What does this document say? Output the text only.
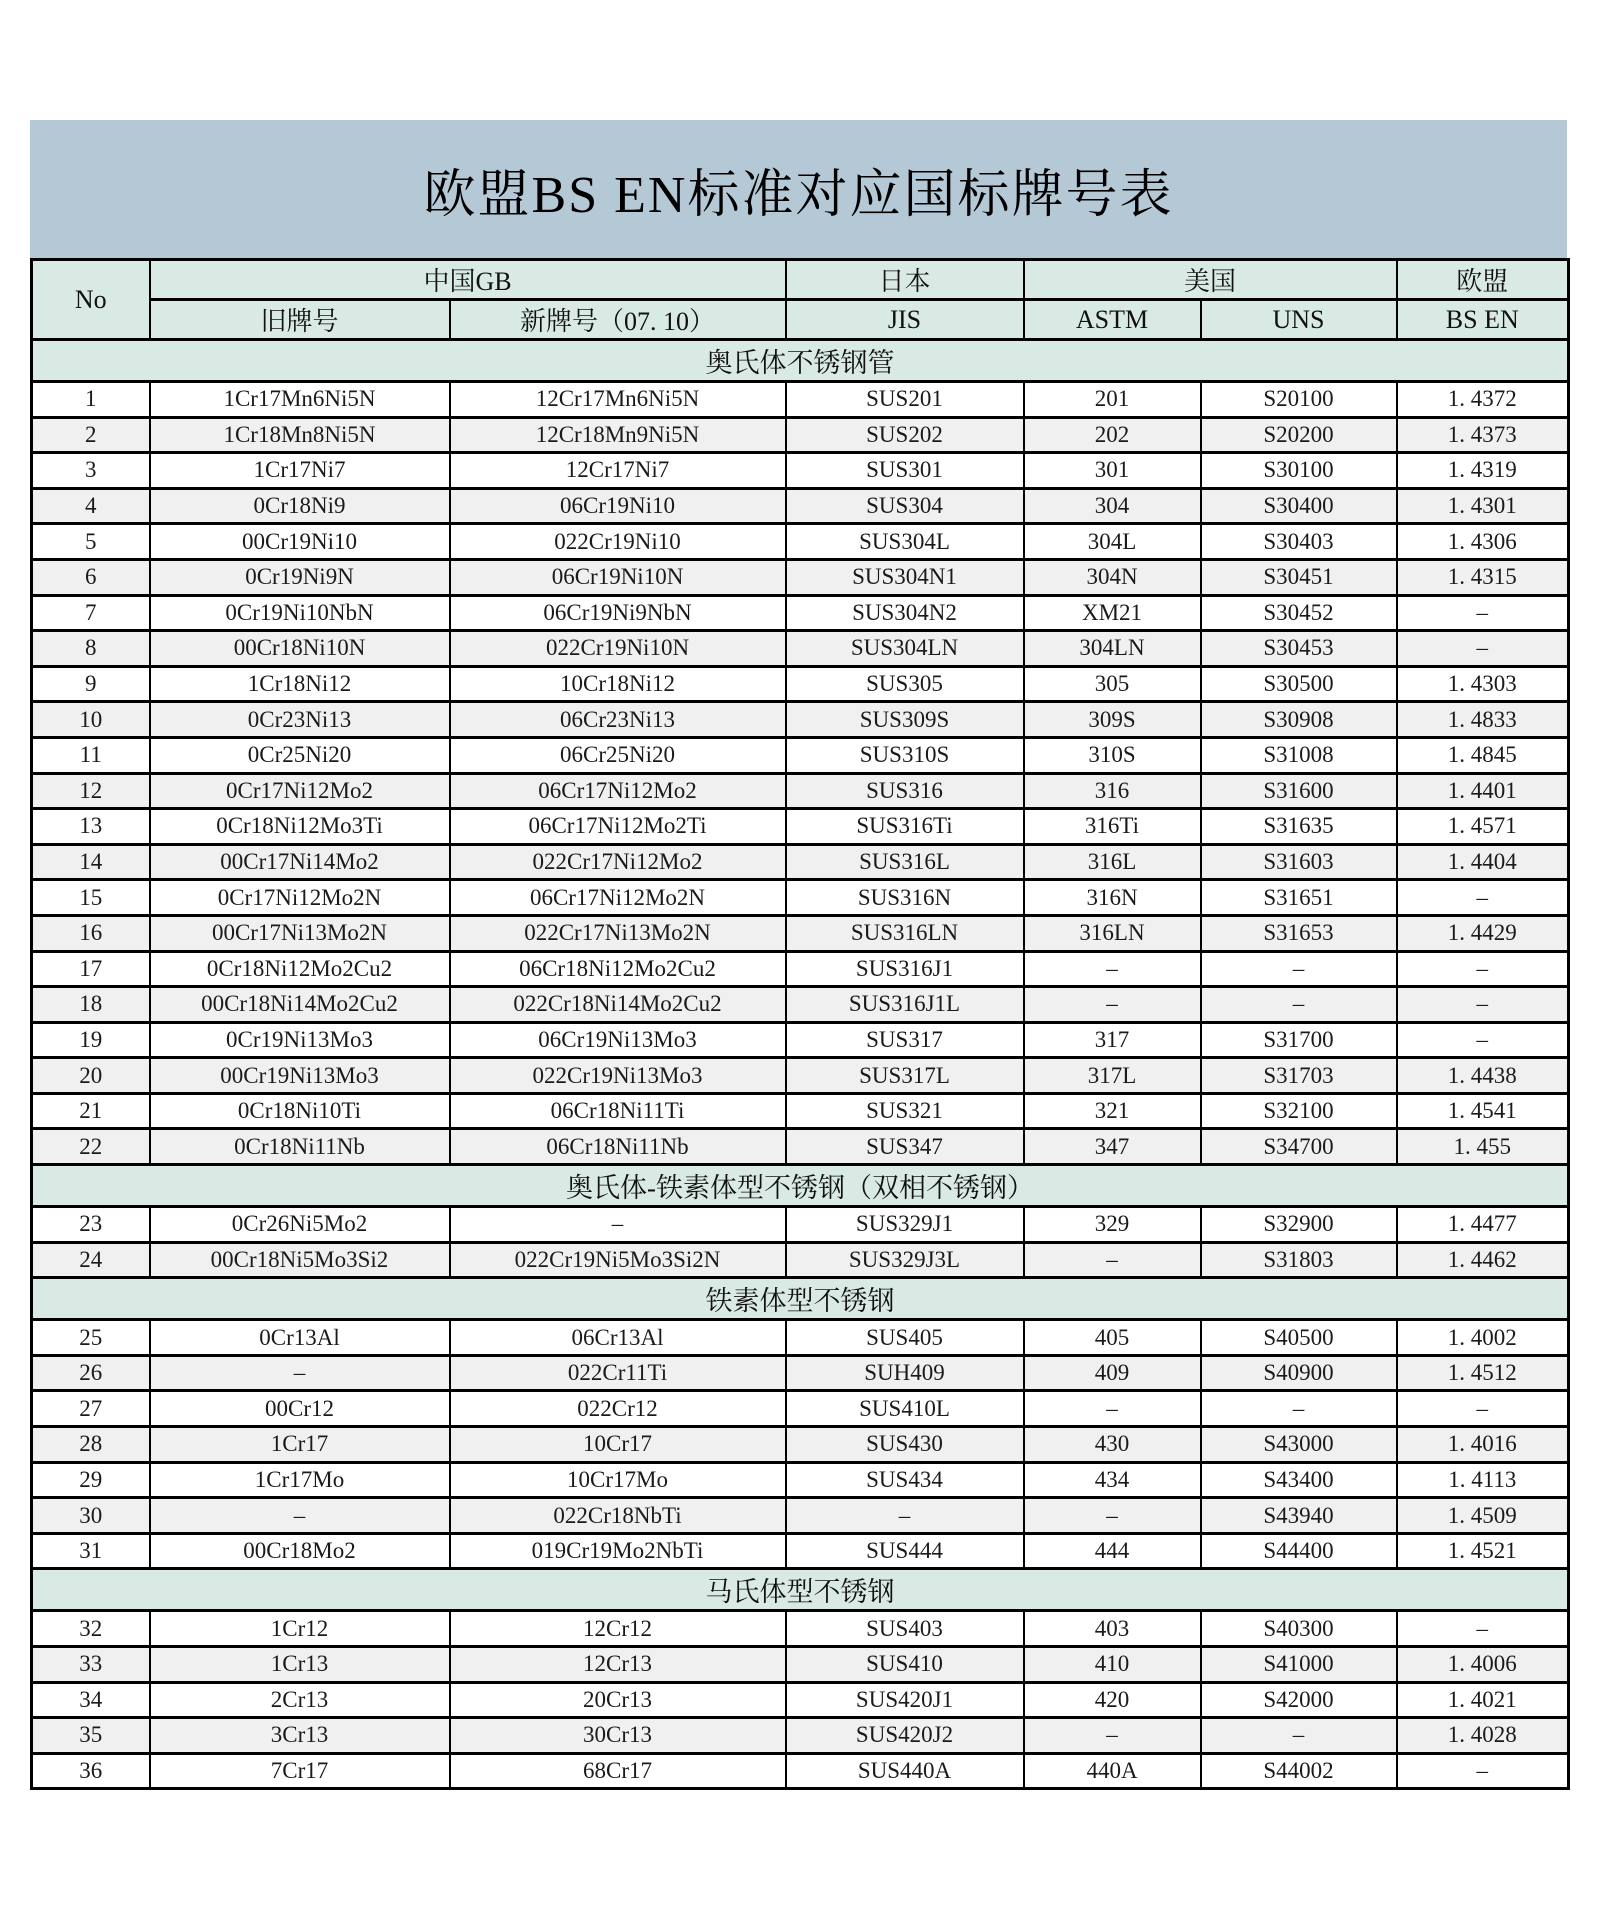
欧盟BS EN标准对应国标牌号表
No	中国GB		日本	美国		欧盟
	旧牌号	新牌号（07. 10）	JIS	ASTM	UNS	BS EN
奥氏体不锈钢管						
1	1Cr17Mn6Ni5N	12Cr17Mn6Ni5N	SUS201	201	S20100	1. 4372
2	1Cr18Mn8Ni5N	12Cr18Mn9Ni5N	SUS202	202	S20200	1. 4373
3	1Cr17Ni7	12Cr17Ni7	SUS301	301	S30100	1. 4319
4	0Cr18Ni9	06Cr19Ni10	SUS304	304	S30400	1. 4301
5	00Cr19Ni10	022Cr19Ni10	SUS304L	304L	S30403	1. 4306
6	0Cr19Ni9N	06Cr19Ni10N	SUS304N1	304N	S30451	1. 4315
7	0Cr19Ni10NbN	06Cr19Ni9NbN	SUS304N2	XM21	S30452	–
8	00Cr18Ni10N	022Cr19Ni10N	SUS304LN	304LN	S30453	–
9	1Cr18Ni12	10Cr18Ni12	SUS305	305	S30500	1. 4303
10	0Cr23Ni13	06Cr23Ni13	SUS309S	309S	S30908	1. 4833
11	0Cr25Ni20	06Cr25Ni20	SUS310S	310S	S31008	1. 4845
12	0Cr17Ni12Mo2	06Cr17Ni12Mo2	SUS316	316	S31600	1. 4401
13	0Cr18Ni12Mo3Ti	06Cr17Ni12Mo2Ti	SUS316Ti	316Ti	S31635	1. 4571
14	00Cr17Ni14Mo2	022Cr17Ni12Mo2	SUS316L	316L	S31603	1. 4404
15	0Cr17Ni12Mo2N	06Cr17Ni12Mo2N	SUS316N	316N	S31651	–
16	00Cr17Ni13Mo2N	022Cr17Ni13Mo2N	SUS316LN	316LN	S31653	1. 4429
17	0Cr18Ni12Mo2Cu2	06Cr18Ni12Mo2Cu2	SUS316J1	–	–	–
18	00Cr18Ni14Mo2Cu2	022Cr18Ni14Mo2Cu2	SUS316J1L	–	–	–
19	0Cr19Ni13Mo3	06Cr19Ni13Mo3	SUS317	317	S31700	–
20	00Cr19Ni13Mo3	022Cr19Ni13Mo3	SUS317L	317L	S31703	1. 4438
21	0Cr18Ni10Ti	06Cr18Ni11Ti	SUS321	321	S32100	1. 4541
22	0Cr18Ni11Nb	06Cr18Ni11Nb	SUS347	347	S34700	1. 455
奥氏体-铁素体型不锈钢（双相不锈钢）						
23	0Cr26Ni5Mo2	–	SUS329J1	329	S32900	1. 4477
24	00Cr18Ni5Mo3Si2	022Cr19Ni5Mo3Si2N	SUS329J3L	–	S31803	1. 4462
铁素体型不锈钢						
25	0Cr13Al	06Cr13Al	SUS405	405	S40500	1. 4002
26	–	022Cr11Ti	SUH409	409	S40900	1. 4512
27	00Cr12	022Cr12	SUS410L	–	–	–
28	1Cr17	10Cr17	SUS430	430	S43000	1. 4016
29	1Cr17Mo	10Cr17Mo	SUS434	434	S43400	1. 4113
30	–	022Cr18NbTi	–	–	S43940	1. 4509
31	00Cr18Mo2	019Cr19Mo2NbTi	SUS444	444	S44400	1. 4521
马氏体型不锈钢						
32	1Cr12	12Cr12	SUS403	403	S40300	–
33	1Cr13	12Cr13	SUS410	410	S41000	1. 4006
34	2Cr13	20Cr13	SUS420J1	420	S42000	1. 4021
35	3Cr13	30Cr13	SUS420J2	–	–	1. 4028
36	7Cr17	68Cr17	SUS440A	440A	S44002	–
